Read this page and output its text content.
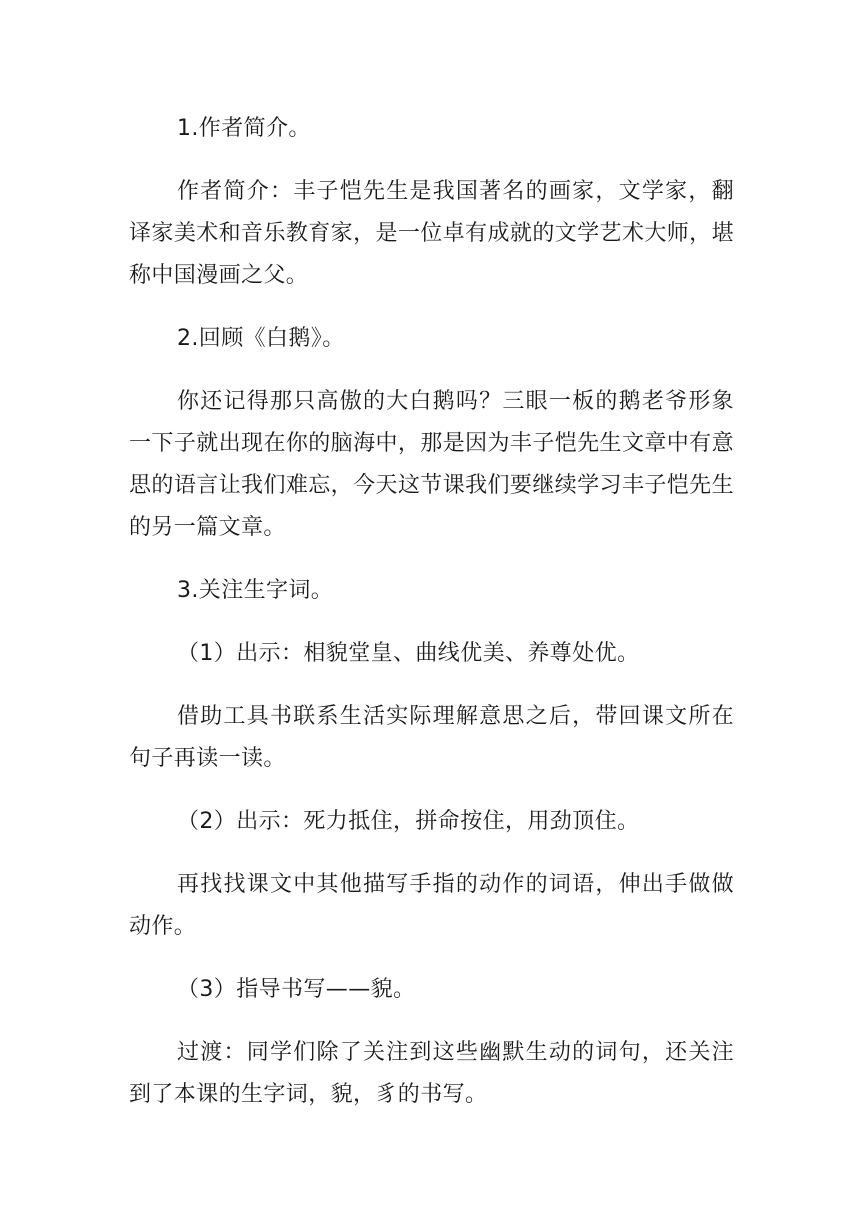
1.作者简介。

作者简介：丰子恺先生是我国著名的画家，文学家，翻译家美术和音乐教育家，是一位卓有成就的文学艺术大师，堪称中国漫画之父。

2.回顾《白鹅》。

你还记得那只高傲的大白鹅吗？三眼一板的鹅老爷形象一下子就出现在你的脑海中，那是因为丰子恺先生文章中有意思的语言让我们难忘，今天这节课我们要继续学习丰子恺先生的另一篇文章。

3.关注生字词。

（1）出示：相貌堂皇、曲线优美、养尊处优。

借助工具书联系生活实际理解意思之后，带回课文所在句子再读一读。

（2）出示：死力抵住，拼命按住，用劲顶住。

再找找课文中其他描写手指的动作的词语，伸出手做做动作。

（3）指导书写——貌。

过渡：同学们除了关注到这些幽默生动的词句，还关注到了本课的生字词，貌，豸的书写。
